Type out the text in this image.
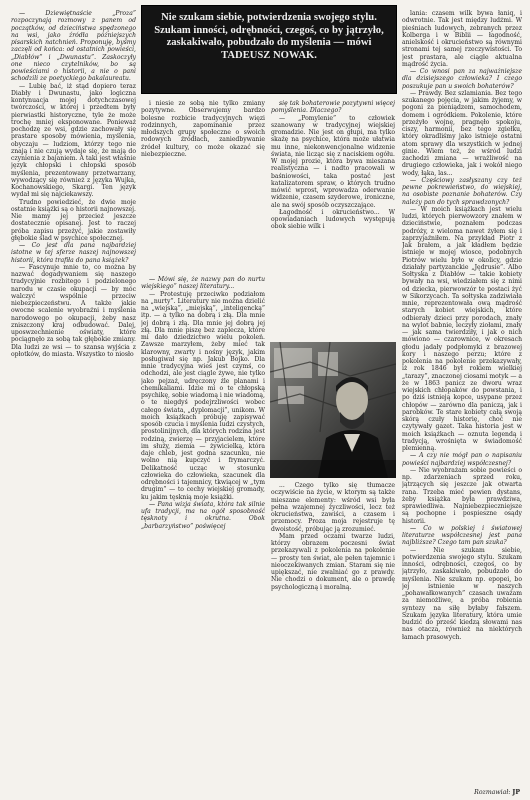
— Dziewiętnaście „Proza” rozpoczynają rozmowy z panem od początków, od dzieciństwa spędzonego na wsi, jako źródła późniejszych pisarskich natchnień. Proponuję, byśmy zaczęli od końca: od ostatnich powieści, „Diabłów” i „Dwunastu”. Zaskoczyły one nieco czytelników, bo są powieściami o historii, a nie o pani schodzili ze poetyckiego bakalaureatu.

— Lubię bać, iż stąd dopiero teraz Diabły i Dwunastu, jako logiczna kontynuacja mojej dotychczasowej twórczości, w której i przedtem były pierwiastki historyczne, tyle że może trochę mniej eksponowane. Ponieważ pochodzę ze wsi, gdzie zachowały się prastare sposoby mówienia, myślenia, obyczaju — ludziom, którzy tego nie znają i nie czują wydaje się, że mają do czynienia z bajaniem. A taki jest właśnie język chłopski i chłopski sposób myślenia, prezentowany przetwarzany, wywodzący się również z języka Wujka, Kochanowskiego, Skargi. Ten język wydał mi się najciekawszy.

Trudno powiedzieć, że dwie moje ostatnie książki są o historii najnowszej. Nie mamy jej przecież jeszcze dostatecznie opisanej. Jest to raczej próba zapisu przeżyć, jakie zostawiły głębokie ślad w psychice społecznej.

— Co jest dla pana najbardziej istotne w tej sferze naszej najnowszej historii, która trafiła do pana książek?

— Fascynuje mnie to, co można by nazwać dogadywaniem się naszego tradycyjnie rozbitego i podzielonego narodu w czasie okupacji — by móc walczyć wspólnie przeciw niebezpieczeństwu. A także jakie owocne scalenie wyobraźni i myślenia narodowego po okupacji, żeby nasz zniszczony kraj odbudować. Dalej, uposwzechnienie oświaty, które pociągnęło za sobą tak głębokie zmiany. Dla ludzi ze wsi — to szansa wyjścia z opłotków, do miasta. Wszystko to niosło

Nie szukam siebie, potwierdzenia swojego stylu. Szukam inności, odrębności, czegoś, co by jątrzyło, zaskakiwało, pobudzało do myślenia — mówi TADEUSZ NOWAK.

i niesie ze sobą nie tylko zmiany pozytywne. Obserwujemy bardzo bolesne rozbicie tradycyjnych więzi rodzinnych, zapominanie przez młodszych grupy społeczne o swoich rodowych źródłach, zaniedbywanie źródeł kultury, co może okazać się niebezpieczne.

— Mówi się, że nazwy pan do nurtu wiejskiego” naszej literatury...

— Protestuję przeciwko podziałom na „nurty”. Literatury nie można dzielić na „wiejską”, „miejską”, „inteligencką” itp. — a tylko na dobrą i złą. Dla mnie jej dobrą i złą. Dla mnie jej dobrą jej złą. Dla mnie piszę bez zaplecza, które mi dało dziedzictwo wielu pokoleń. Zawsze marzyłem, żeby mieć tak klarowny, zwarty i nośny język, jakim posługiwał się np. Jakub Bojko. Dla mnie tradycyjna wieś jest czymś, co odchodzi, ale jest ciągle żywe, nie tylko jako pejzaż, udręczony źle planami i chemikaliami. Idzie mi o te chłopską psychikę, sobie wiadomą i nie wiadomą, o te niegdyś podejrzliwości wobec całego świata, „dyplomacji”, unikom. W moich książkach próbuję zapisywać sposób czucia i myślenia ludzi czystych, prostolinijnych, dla których rodzina jest rodziną, zwierzę — przyjacielem, które im służy, ziemia — żywicielką, która daje chleb, jest godna szacunku, nie wolno nią kupczyć i frymarczyć. Delikatność ucząc w stosunku człowieka do człowieka, szacunek dla odrębności i tajemnicy, tkwiącej w „tym drugim” — to cechy wiejskiej gromady, ku jakim tęsknią moje książki.

— Pana wizja świata, która tak silnie ufa tradycji, ma na ogół sposobność tęsknoty i okrutna. Obok „barbarzyństwo” poświęcej

się tak bohaterowie pozytywni więcej pomyślenia. Dlaczego?

— „Pomylenie” to człowiek szanowany w tradycyjnej wiejskiej gromadzie. Nie jest on głupi, ma tylko skażę na psychice, która może ułatwia mu inne, niekonwencjonalne widzenie świata, nie licząc się z naciskiem ogółu. W mojej prozie, która bywa mieszana realistyczna — i nadto pracowali w baśniowości, taka postać jest katalizatorem spraw, o których trudno mówić wprost, wprowadza oderwanie widzenie, czasem szyderowe, ironiczne, ale na swój sposób oczyszczające.

Łagodność i okrucieństwo... W opowiadaniach ludowych występują obok siebie wilk i

... Czego tylko się tłumacze oczywiście na życie, w ktorym są także mieszane elementy: wśród wsi była pełna wzajemnej życzliwości, lecz też okrucieństwa, zawiści, a czasem i przemocy. Proza moja rejestruje tę dwoistość, próbując ją zrozumieć.

Mam przed oczami twarze ludzi, którzy obrazem poczesni świat przekazywali z pokolenia na pokolenie — prosty ten świat, ale pełen tajemnic i nieoczekiwanych zmian. Staram się nie upiększać, nie zwalniać go z prawdy. Nie chodzi o dokument, ale o prawdę psychologiczną i moralną.

lania: czasem wilk bywa łaniq, i odwrotnie. Tak jest między ludźmi. W pieśniach ludowych, zebranych przez Kolberga i w Biblii — łagodność, anielskość i okrucieństwo są równymi stronami tej samej rzeczywistości. To jest prastara, ale ciągle aktualna mądrość życia.

— Co wnosi pan za najważniejsze dla dzisiejszego człowieka? I czego poszukuje pan u swoich bohaterów?

— Prawdy. Bez szlamiania. Bez tego szukanego pojęcia, w jakim żyjemy, w pogoni za pieniądzem, samochodem, domem i ogródkiem. Pokolenie, które przeżyło wojnę, pragnęło spokoju, ciszy, harmonii, bez tego zgiełku, który okradliśmy jako istnieje ostatni atom sprawy dla wszystkich w jednej ginie. Wiem też, że wśród ludzi zachodzi zmiana — wrażliwość na drugiego człowieka, jak i wokół niego wody, łąka, las...

— Częściowy zasłyszany czy też pewne pokrewieństwo, do wiejskiej, na osobiste poznanie bohaterów. Czy należy pan do tych sprawdzonych?

— W moich książkach jest wielu ludzi, których pierwowzory znałem w dzieciństwie, poznałem podczas podróży, z wieloma nawet żyłem się i zaprzyjaźniłem. Na przykład Piotr z Jak brałem, a jak kładłem będzie istnieje w mojej wiosce, podobnych Piotrów wielu było w okolicy, gdzie działały partyzanckie „Jędrusie”. Albo Sołtyska z Diabłów — takie kobiety bywały na wsi, wiedziałem się z nimi od dziecka, pierwowzór te postaci żyć w Sikorzycach. Ta sołtyska zadziwiała mnie, reprezentowała ową mądrość starych kobiet wiejskich, które odbierały dzieci przy porodach, znały na wylot babnie, leczyły ziołami, znały — jak sama twierdziły, i jak o nich mówiono — czarownice, w okresach głodu jadały podpłomyki z brazowej kory i naszego perzu; które z pokolenia na pokolenie przekazywały, iż rok 1846 był rokiem wielkiej „tarazy”, znaczonej ciosami motyk — a że w 1863 panicz ze dworu wraz wiejskich chłopaków do powstania, i po dziś istnieją kopce, usypane przez chłopów — zarówno dla paniczą, jak i parobków. Te stare kobiety całą swoją skórą czuły historię, choć nie czytywały gazet. Taka historia jest w moich książkach — oznuta legendą i tradycją, wrośnięta w świadomość plemienną.

— A czy nie mógł pan o napisaniu powieści najbardziej współczesnej?

— Nie wyobrażam sobie powieści o np. zdarzeniach sprzed roku, jątrzących się jeszcze jak otwarta rana. Trzeba mieć pewien dystans, żeby książka była prawdziwa, sprawiedliwa. Najniebezpieczniejsze są pochopne i pospieszne osądy historii.

— Co w polskiej i światowej literaturze współczesnej jest pana najbliższe? Czego tam pan szuka?

— Nie szukam siebie, potwierdzenia swojego stylu. Szukam inności, odrębności, czegoś, co by jątrzyło, zaskakiwało, pobudzało do myślenia. Nie szukam np. epopei, bo jej istnienie w naszych „pohawałkowanych” czasach uważam za niemożliwe, a próba robienia syntezy na siłę byłaby fałszem. Szukam języka literatury, która umie budzić do prześć kiedzą słowami nas nas otacza, również na niektórych łamach prasowych.

Rozmawiał: JP
